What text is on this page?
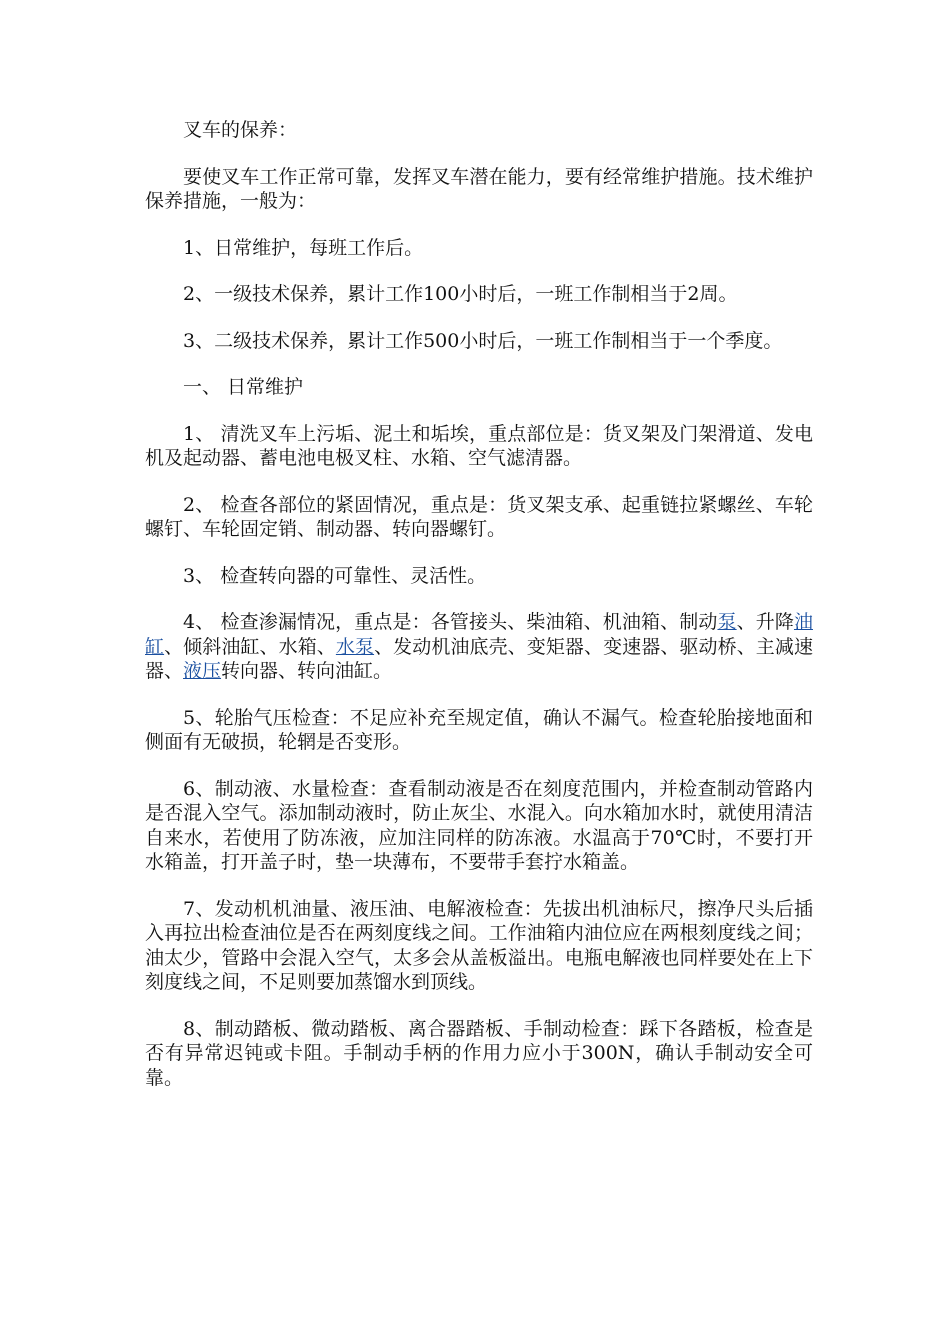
叉车的保养：

要使叉车工作正常可靠，发挥叉车潜在能力，要有经常维护措施。技术维护保养措施，一般为：

1、日常维护，每班工作后。

2、一级技术保养，累计工作100小时后，一班工作制相当于2周。

3、二级技术保养，累计工作500小时后，一班工作制相当于一个季度。

一、 日常维护

1、 清洗叉车上污垢、泥土和垢埃，重点部位是：货叉架及门架滑道、发电机及起动器、蓄电池电极叉柱、水箱、空气滤清器。

2、 检查各部位的紧固情况，重点是：货叉架支承、起重链拉紧螺丝、车轮螺钉、车轮固定销、制动器、转向器螺钉。

3、 检查转向器的可靠性、灵活性。

4、 检查渗漏情况，重点是：各管接头、柴油箱、机油箱、制动泵、升降油缸、倾斜油缸、水箱、水泵、发动机油底壳、变矩器、变速器、驱动桥、主减速器、液压转向器、转向油缸。

5、轮胎气压检查：不足应补充至规定值，确认不漏气。检查轮胎接地面和侧面有无破损，轮辋是否变形。

6、制动液、水量检查：查看制动液是否在刻度范围内，并检查制动管路内是否混入空气。添加制动液时，防止灰尘、水混入。向水箱加水时，就使用清洁自来水，若使用了防冻液，应加注同样的防冻液。水温高于70℃时，不要打开水箱盖，打开盖子时，垫一块薄布，不要带手套拧水箱盖。

7、发动机机油量、液压油、电解液检查：先拔出机油标尺，擦净尺头后插入再拉出检查油位是否在两刻度线之间。工作油箱内油位应在两根刻度线之间；油太少，管路中会混入空气，太多会从盖板溢出。电瓶电解液也同样要处在上下刻度线之间，不足则要加蒸馏水到顶线。

8、制动踏板、微动踏板、离合器踏板、手制动检查：踩下各踏板，检查是否有异常迟钝或卡阻。手制动手柄的作用力应小于300N，确认手制动安全可靠。
